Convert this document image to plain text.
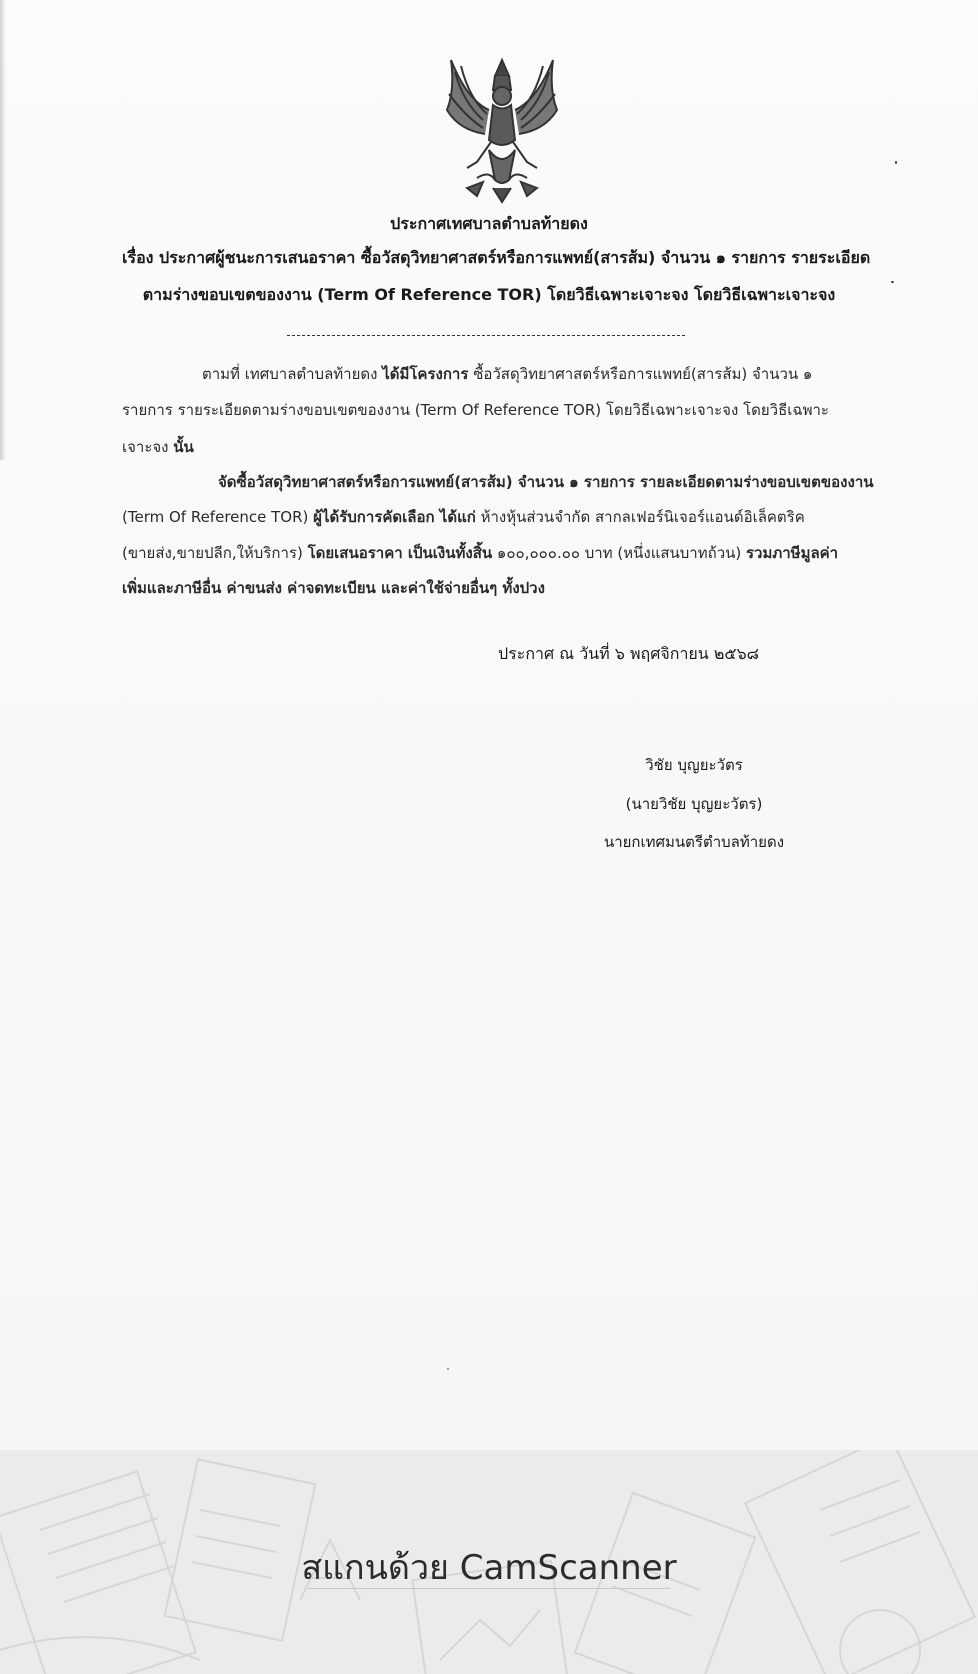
ประกาศเทศบาลตำบลท้ายดง
เรื่อง ประกาศผู้ชนะการเสนอราคา ซื้อวัสดุวิทยาศาสตร์หรือการแพทย์(สารส้ม) จำนวน ๑ รายการ รายระเอียด
ตามร่างขอบเขตของงาน (Term Of Reference TOR) โดยวิธีเฉพาะเจาะจง โดยวิธีเฉพาะเจาะจง
ตามที่ เทศบาลตำบลท้ายดง ได้มีโครงการ ซื้อวัสดุวิทยาศาสตร์หรือการแพทย์(สารส้ม) จำนวน ๑
รายการ รายระเอียดตามร่างขอบเขตของงาน (Term Of Reference TOR) โดยวิธีเฉพาะเจาะจง โดยวิธีเฉพาะ
เจาะจง นั้น
จัดซื้อวัสดุวิทยาศาสตร์หรือการแพทย์(สารส้ม) จำนวน ๑ รายการ รายละเอียดตามร่างขอบเขตของงาน
(Term Of Reference TOR) ผู้ได้รับการคัดเลือก ได้แก่ ห้างหุ้นส่วนจำกัด สากลเฟอร์นิเจอร์แอนด์อิเล็คตริค
(ขายส่ง,ขายปลีก,ให้บริการ) โดยเสนอราคา เป็นเงินทั้งสิ้น ๑๐๐,๐๐๐.๐๐ บาท (หนึ่งแสนบาทถ้วน) รวมภาษีมูลค่า
เพิ่มและภาษีอื่น ค่าขนส่ง ค่าจดทะเบียน และค่าใช้จ่ายอื่นๆ ทั้งปวง
ประกาศ ณ วันที่ ๖ พฤศจิกายน ๒๕๖๘
วิชัย บุญยะวัตร
(นายวิชัย บุญยะวัตร)
นายกเทศมนตรีตำบลท้ายดง
สแกนด้วย CamScanner
